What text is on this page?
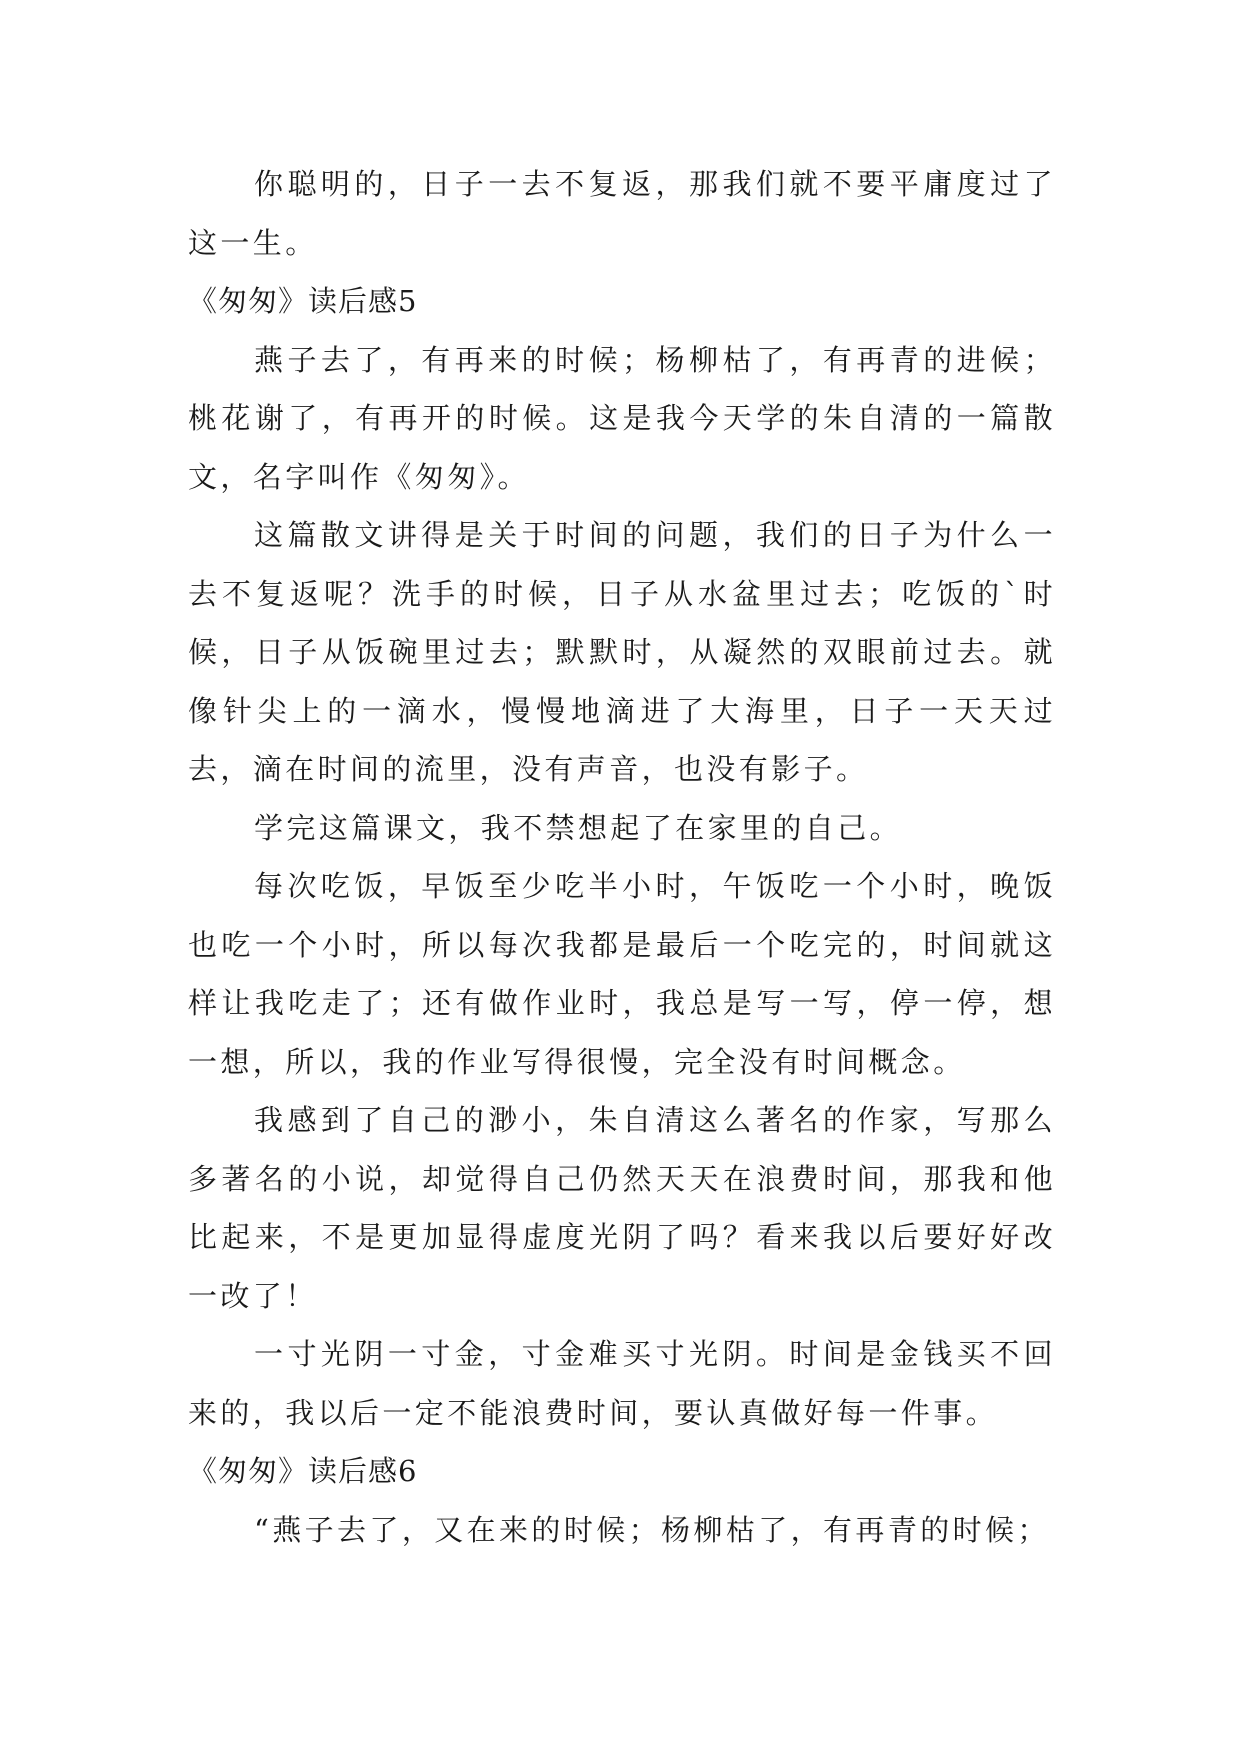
你聪明的，日子一去不复返，那我们就不要平庸度过了这一生。

《匆匆》读后感5

燕子去了，有再来的时候；杨柳枯了，有再青的进候；桃花谢了，有再开的时候。这是我今天学的朱自清的一篇散文，名字叫作《匆匆》。

这篇散文讲得是关于时间的问题，我们的日子为什么一去不复返呢？洗手的时候，日子从水盆里过去；吃饭的`时候，日子从饭碗里过去；默默时，从凝然的双眼前过去。就像针尖上的一滴水，慢慢地滴进了大海里，日子一天天过去，滴在时间的流里，没有声音，也没有影子。

学完这篇课文，我不禁想起了在家里的自己。

每次吃饭，早饭至少吃半小时，午饭吃一个小时，晚饭也吃一个小时，所以每次我都是最后一个吃完的，时间就这样让我吃走了；还有做作业时，我总是写一写，停一停，想一想，所以，我的作业写得很慢，完全没有时间概念。

我感到了自己的渺小，朱自清这么著名的作家，写那么多著名的小说，却觉得自己仍然天天在浪费时间，那我和他比起来，不是更加显得虚度光阴了吗？看来我以后要好好改一改了！

一寸光阴一寸金，寸金难买寸光阴。时间是金钱买不回来的，我以后一定不能浪费时间，要认真做好每一件事。

《匆匆》读后感6

“燕子去了，又在来的时候；杨柳枯了，有再青的时候；
